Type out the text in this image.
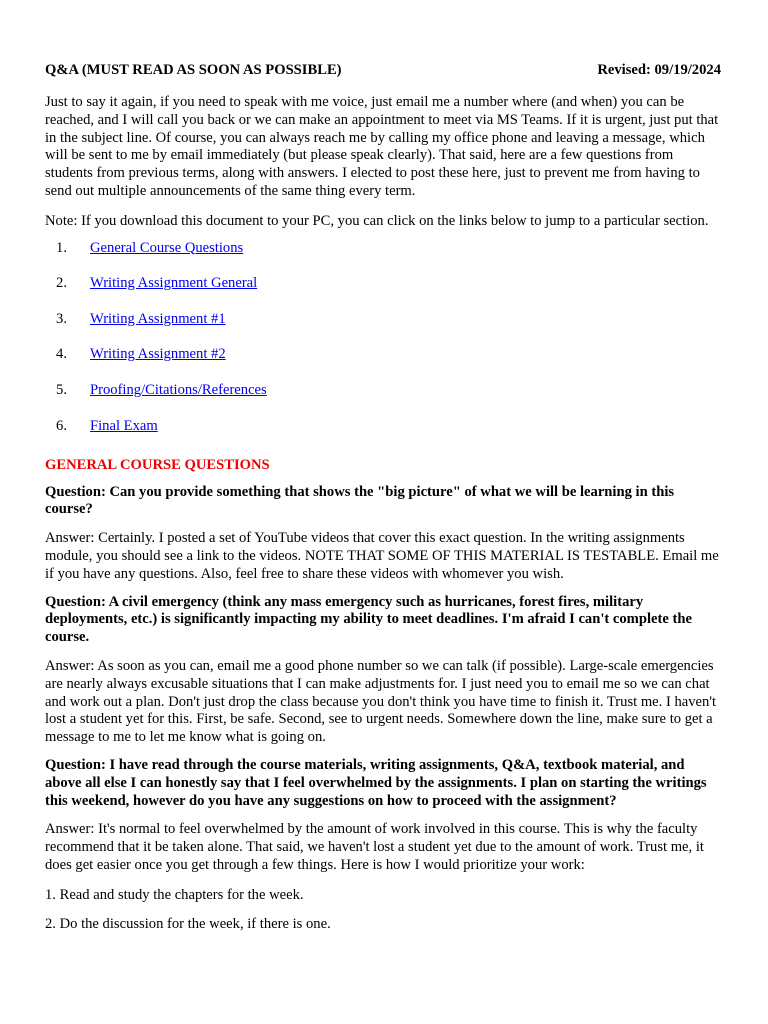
Q&A (MUST READ AS SOON AS POSSIBLE)	Revised: 09/19/2024

Just to say it again, if you need to speak with me voice, just email me a number where (and when) you can be reached, and I will call you back or we can make an appointment to meet via MS Teams. If it is urgent, just put that in the subject line. Of course, you can always reach me by calling my office phone and leaving a message, which will be sent to me by email immediately (but please speak clearly). That said, here are a few questions from students from previous terms, along with answers. I elected to post these here, just to prevent me from having to send out multiple announcements of the same thing every term.

Note: If you download this document to your PC, you can click on the links below to jump to a particular section.

1. General Course Questions
2. Writing Assignment General
3. Writing Assignment #1
4. Writing Assignment #2
5. Proofing/Citations/References
6. Final Exam
GENERAL COURSE QUESTIONS

Question: Can you provide something that shows the "big picture" of what we will be learning in this course?

Answer: Certainly. I posted a set of YouTube videos that cover this exact question. In the writing assignments module, you should see a link to the videos. NOTE THAT SOME OF THIS MATERIAL IS TESTABLE. Email me if you have any questions. Also, feel free to share these videos with whomever you wish.

Question: A civil emergency (think any mass emergency such as hurricanes, forest fires, military deployments, etc.) is significantly impacting my ability to meet deadlines. I'm afraid I can't complete the course.

Answer: As soon as you can, email me a good phone number so we can talk (if possible). Large-scale emergencies are nearly always excusable situations that I can make adjustments for. I just need you to email me so we can chat and work out a plan. Don't just drop the class because you don't think you have time to finish it. Trust me. I haven't lost a student yet for this. First, be safe. Second, see to urgent needs. Somewhere down the line, make sure to get a message to me to let me know what is going on.

Question: I have read through the course materials, writing assignments, Q&A, textbook material, and above all else I can honestly say that I feel overwhelmed by the assignments. I plan on starting the writings this weekend, however do you have any suggestions on how to proceed with the assignment?

Answer: It's normal to feel overwhelmed by the amount of work involved in this course. This is why the faculty recommend that it be taken alone. That said, we haven't lost a student yet due to the amount of work. Trust me, it does get easier once you get through a few things. Here is how I would prioritize your work:

1. Read and study the chapters for the week.

2. Do the discussion for the week, if there is one.
